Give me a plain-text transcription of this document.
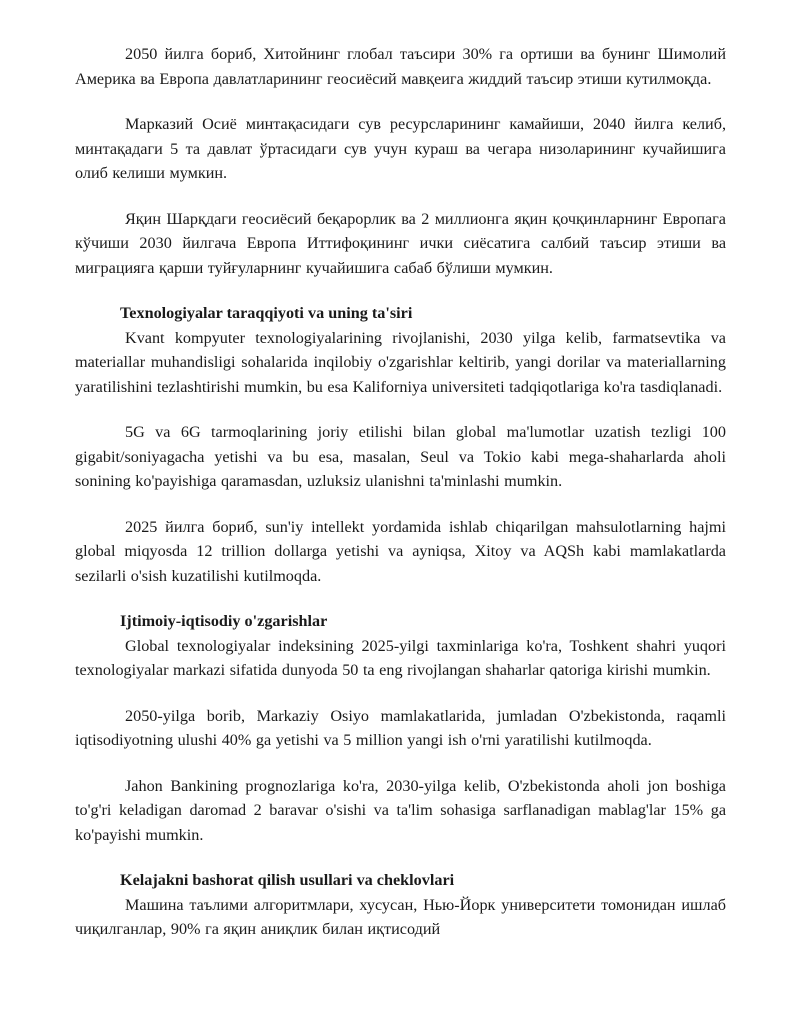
2050 йилга бориб, Хитойнинг глобал таъсири 30% га ортиши ва бунинг Шимолий Америка ва Европа давлатларининг геосиёсий мавқеига жиддий таъсир этиши кутилмоқда.

Марказий Осиё минтақасидаги сув ресурсларининг камайиши, 2040 йилга келиб, минтақадаги 5 та давлат ўртасидаги сув учун кураш ва чегара низоларининг кучайишига олиб келиши мумкин.

Яқин Шарқдаги геосиёсий беқарорлик ва 2 миллионга яқин қочқинларнинг Европага кўчиши 2030 йилгача Европа Иттифоқининг ички сиёсатига салбий таъсир этиши ва миграцияга қарши туйғуларнинг кучайишига сабаб бўлиши мумкин.

Texnologiyalar taraqqiyoti va uning ta'siri

Kvant kompyuter texnologiyalarining rivojlanishi, 2030 yilga kelib, farmatsevtika va materiallar muhandisligi sohalarida inqilobiy o'zgarishlar keltirib, yangi dorilar va materiallarning yaratilishini tezlashtirishi mumkin, bu esa Kaliforniya universiteti tadqiqotlariga ko'ra tasdiqlanadi.

5G va 6G tarmoqlarining joriy etilishi bilan global ma'lumotlar uzatish tezligi 100 gigabit/soniyagacha yetishi va bu esa, masalan, Seul va Tokio kabi mega-shaharlarda aholi sonining ko'payishiga qaramasdan, uzluksiz ulanishni ta'minlashi mumkin.

2025 йилга бориб, sun'iy intellekt yordamida ishlab chiqarilgan mahsulotlarning hajmi global miqyosda 12 trillion dollarga yetishi va ayniqsa, Xitoy va AQSh kabi mamlakatlarda sezilarli o'sish kuzatilishi kutilmoqda.

Ijtimoiy-iqtisodiy o'zgarishlar

Global texnologiyalar indeksining 2025-yilgi taxminlariga ko'ra, Toshkent shahri yuqori texnologiyalar markazi sifatida dunyoda 50 ta eng rivojlangan shaharlar qatoriga kirishi mumkin.

2050-yilga borib, Markaziy Osiyo mamlakatlarida, jumladan O'zbekistonda, raqamli iqtisodiyotning ulushi 40% ga yetishi va 5 million yangi ish o'rni yaratilishi kutilmoqda.

Jahon Bankining prognozlariga ko'ra, 2030-yilga kelib, O'zbekistonda aholi jon boshiga to'g'ri keladigan daromad 2 baravar o'sishi va ta'lim sohasiga sarflanadigan mablag'lar 15% ga ko'payishi mumkin.

Kelajakni bashorat qilish usullari va cheklovlari

Машина таълими алгоритмлари, хусусан, Нью-Йорк университети томонидан ишлаб чиқилганлар, 90% га яқин аниқлик билан иқтисодий
